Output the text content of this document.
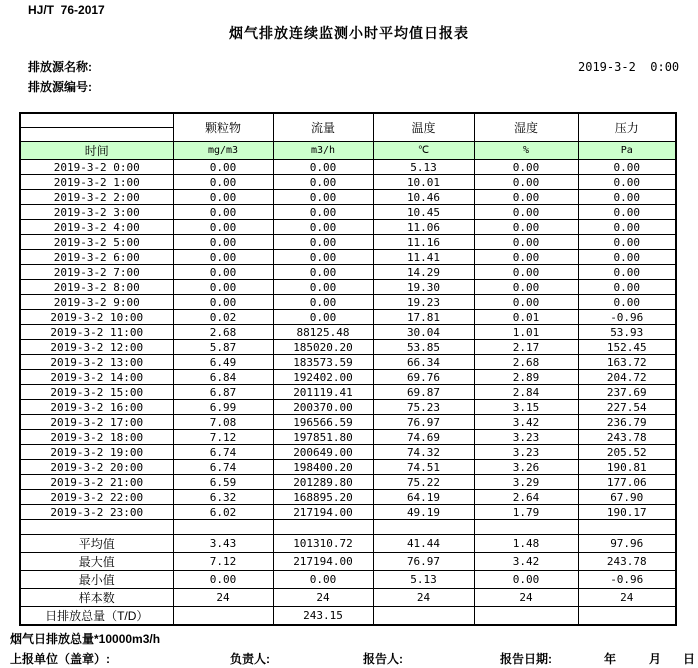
HJ/T  76-2017
烟气排放连续监测小时平均值日报表
排放源名称:
排放源编号:
2019-3-2  0:00
	颗粒物	流量	温度	湿度	压力

时间	mg/m3	m3/h	℃	%	Pa
2019-3-2 0:00	0.00	0.00	5.13	0.00	0.00
2019-3-2 1:00	0.00	0.00	10.01	0.00	0.00
2019-3-2 2:00	0.00	0.00	10.46	0.00	0.00
2019-3-2 3:00	0.00	0.00	10.45	0.00	0.00
2019-3-2 4:00	0.00	0.00	11.06	0.00	0.00
2019-3-2 5:00	0.00	0.00	11.16	0.00	0.00
2019-3-2 6:00	0.00	0.00	11.41	0.00	0.00
2019-3-2 7:00	0.00	0.00	14.29	0.00	0.00
2019-3-2 8:00	0.00	0.00	19.30	0.00	0.00
2019-3-2 9:00	0.00	0.00	19.23	0.00	0.00
2019-3-2 10:00	0.02	0.00	17.81	0.01	-0.96
2019-3-2 11:00	2.68	88125.48	30.04	1.01	53.93
2019-3-2 12:00	5.87	185020.20	53.85	2.17	152.45
2019-3-2 13:00	6.49	183573.59	66.34	2.68	163.72
2019-3-2 14:00	6.84	192402.00	69.76	2.89	204.72
2019-3-2 15:00	6.87	201119.41	69.87	2.84	237.69
2019-3-2 16:00	6.99	200370.00	75.23	3.15	227.54
2019-3-2 17:00	7.08	196566.59	76.97	3.42	236.79
2019-3-2 18:00	7.12	197851.80	74.69	3.23	243.78
2019-3-2 19:00	6.74	200649.00	74.32	3.23	205.52
2019-3-2 20:00	6.74	198400.20	74.51	3.26	190.81
2019-3-2 21:00	6.59	201289.80	75.22	3.29	177.06
2019-3-2 22:00	6.32	168895.20	64.19	2.64	67.90
2019-3-2 23:00	6.02	217194.00	49.19	1.79	190.17

平均值	3.43	101310.72	41.44	1.48	97.96
最大值	7.12	217194.00	76.97	3.42	243.78
最小值	0.00	0.00	5.13	0.00	-0.96
样本数	24	24	24	24	24
日排放总量（T/D）		243.15			
烟气日排放总量*10000m3/h
上报单位（盖章）:	负责人:	报告人:	报告日期:	年	月 日
